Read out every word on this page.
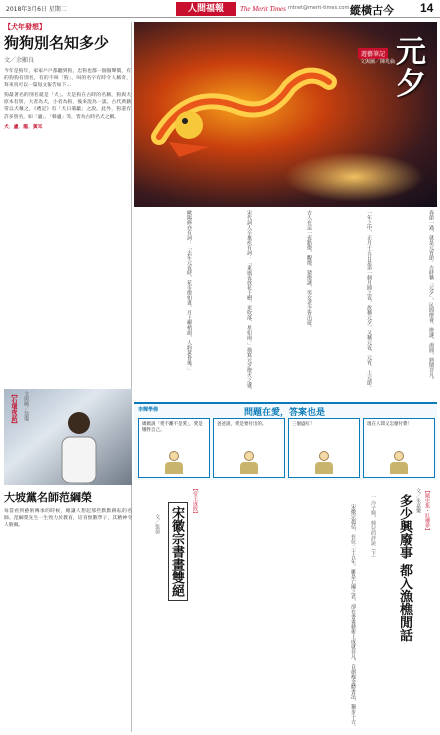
2018年3月6日 星期二	人間福報	The Merit Times mtnet@merit-times.com.tw
縱橫古今 14
【犬年發想】
狗狗別名知多少
文／余顯良

今年是狗年，家家戶戶都聽到狗，忠狗也都一個個聲價，有的狗狗有別名，有的不叫「狗」，叫的名字有時令人稱奇，寫來真可以一篇短文報告如下…

狗最著名的別名就是「犬」。犬是狗在古時的名稱，狗與犬原本有別，大者為犬，小者為狗，後來混為一談。古代典籍常以犬稱之，《禮記》有「犬曰羹獻」之說。此外，狗還有許多別名，如「盧」、「韓盧」等，皆為古時名犬之稱。

犬、盧、龍、黃耳

遊藝筆記
文與圖／陳兆倫 元夕
春節一過，就是元宵節。古時稱「元夕」，民間燈會、燈謎、湯圓，熱鬧非凡。
一年之中，正月十五日是第一個月圓之夜，故稱元夕，又稱元夜、元宵、上元節。
古人在這一夜點燈，觀燈、猜燈謎，男女老少皆出遊。
宋代詞人辛棄疾有詞：「東風夜放花千樹，更吹落、星如雨。」描寫元夕燈火之盛。
歐陽修亦有詞：「去年元夜時，花市燈如晝。月上柳梢頭，人約黃昏後。」
李輝學佛	問題在愛，答案也是
媽媽說「愛不離不是愛」，愛是犧牲自己。
爸爸說，愛是要付出的。	三個盛紅！	現在人間又怎麼付費！
【石壇夜話】	文與圖／翁瓊
大坡黨名師范綱榮

每當看到藝術傳承的時候，總讓人想起那些默默耕耘的名師。范綱榮先生一生致力於教育，培育無數學子，其精神令人敬佩。

【帝王成敗】
宋徽宗書畫雙絕
文／張倩	宋徽宗趙佶，在位二十五年，雖是亡國之君，卻在書畫藝術上成就非凡，自創瘦金體書法，獨步千古。	【隨史集・紅樓夢】
文／朱嘉樂
多少興廢事 都入漁樵閒話
一 冷子興，興兒的評說（下）
